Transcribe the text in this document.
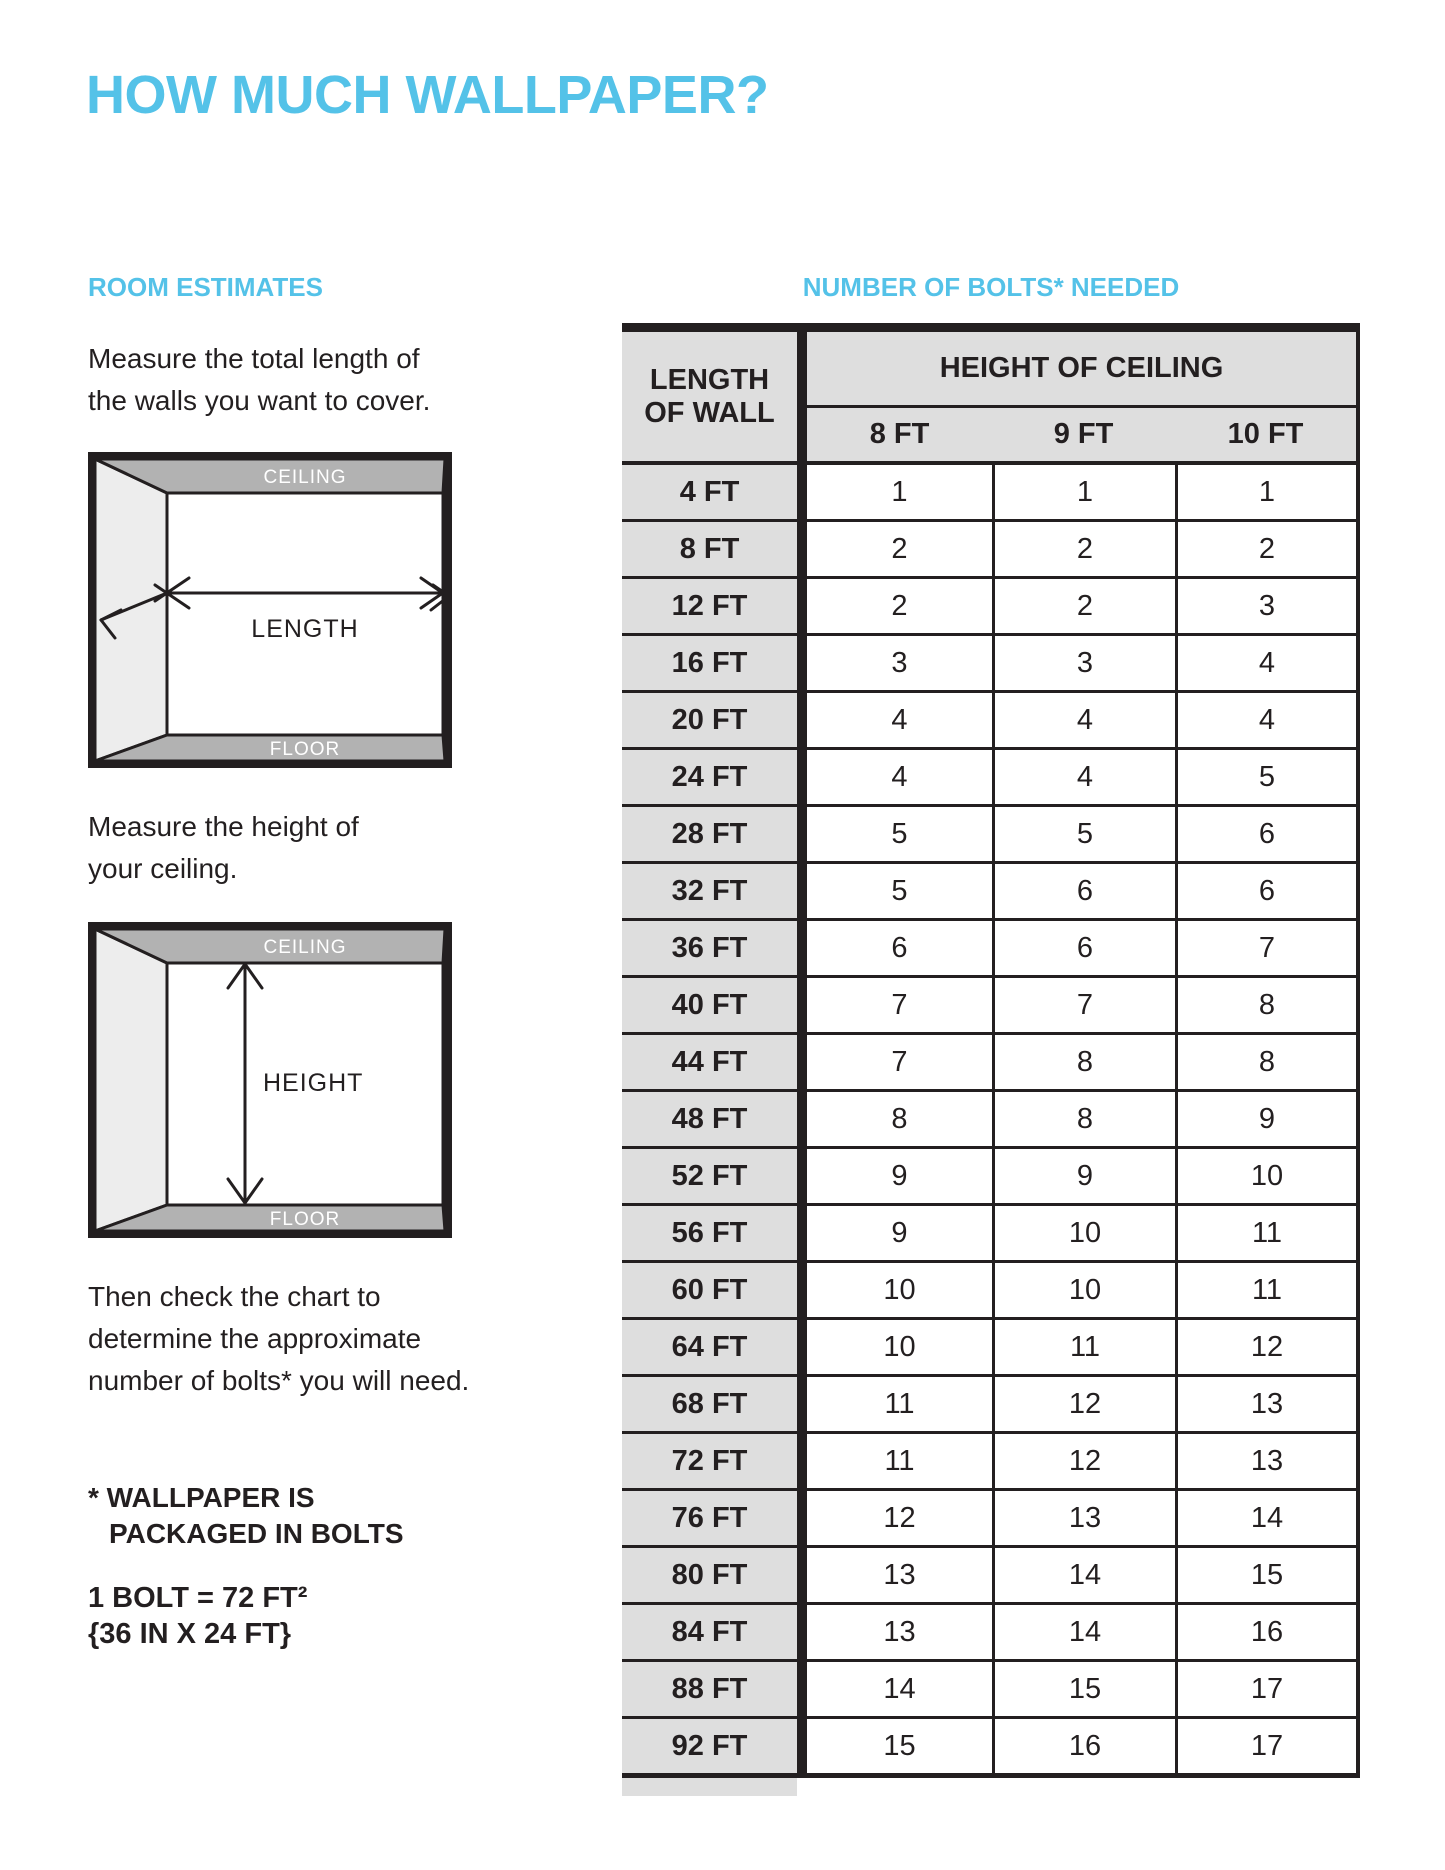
HOW MUCH WALLPAPER?
ROOM ESTIMATES	NUMBER OF BOLTS* NEEDED
Measure the total length of
the walls you want to cover.
CEILING
FLOOR
LENGTH
Measure the height of
your ceiling.
CEILING
FLOOR
HEIGHT
Then check the chart to
determine the approximate
number of bolts* you will need.
* WALLPAPER IS
PACKAGED IN BOLTS
1 BOLT = 72 FT²
{36 IN X 24 FT}
LENGTH
OF WALL
HEIGHT OF CEILING
8 FT	9 FT	10 FT
4 FT	1	1	1
8 FT	2	2	2
12 FT	2	2	3
16 FT	3	3	4
20 FT	4	4	4
24 FT	4	4	5
28 FT	5	5	6
32 FT	5	6	6
36 FT	6	6	7
40 FT	7	7	8
44 FT	7	8	8
48 FT	8	8	9
52 FT	9	9	10
56 FT	9	10	11
60 FT	10	10	11
64 FT	10	11	12
68 FT	11	12	13
72 FT	11	12	13
76 FT	12	13	14
80 FT	13	14	15
84 FT	13	14	16
88 FT	14	15	17
92 FT	15	16	17
